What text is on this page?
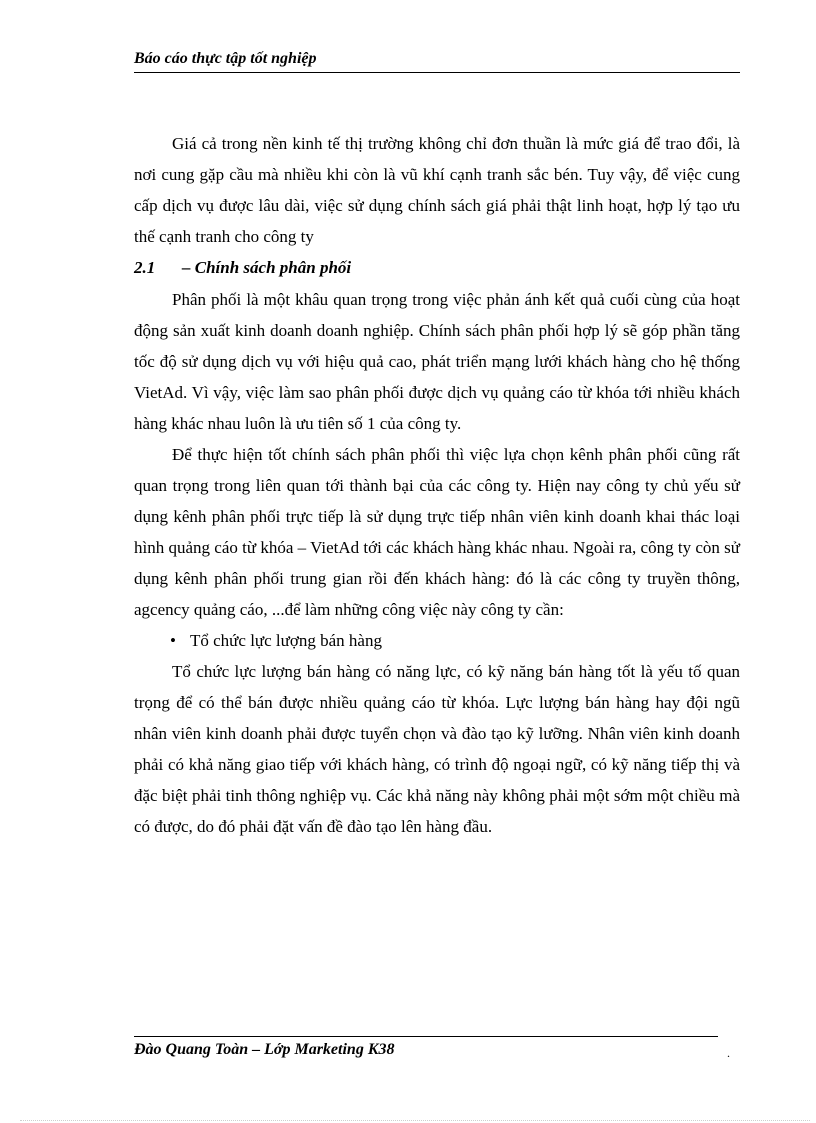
Báo cáo thực tập tốt nghiệp

Giá cả trong nền kinh tế thị trường không chỉ đơn thuần là mức giá để trao đổi, là nơi cung gặp cầu mà nhiều khi còn là vũ khí cạnh tranh sắc bén. Tuy vậy, để việc cung cấp dịch vụ được lâu dài, việc sử dụng chính sách giá phải thật linh hoạt, hợp lý tạo ưu thế cạnh tranh cho công ty

2.1 – Chính sách phân phối

Phân phối là một khâu quan trọng trong việc phản ánh kết quả cuối cùng của hoạt động sản xuất kinh doanh doanh nghiệp. Chính sách phân phối hợp lý sẽ góp phần tăng tốc độ sử dụng dịch vụ với hiệu quả cao, phát triển mạng lưới khách hàng cho hệ thống VietAd. Vì vậy, việc làm sao phân phối được dịch vụ quảng cáo từ khóa tới nhiều khách hàng khác nhau luôn là ưu tiên số 1 của công ty.

Để thực hiện tốt chính sách phân phối thì việc lựa chọn kênh phân phối cũng rất quan trọng trong liên quan tới thành bại của các công ty. Hiện nay công ty chủ yếu sử dụng kênh phân phối trực tiếp là sử dụng trực tiếp nhân viên kinh doanh khai thác loại hình quảng cáo từ khóa – VietAd tới các khách hàng khác nhau. Ngoài ra, công ty còn sử dụng kênh phân phối trung gian rồi đến khách hàng: đó là các công ty truyền thông, agcency quảng cáo, ...để làm những công việc này công ty cần:

• Tổ chức lực lượng bán hàng

Tổ chức lực lượng bán hàng có năng lực, có kỹ năng bán hàng tốt là yếu tố quan trọng để có thể bán được nhiều quảng cáo từ khóa. Lực lượng bán hàng hay đội ngũ nhân viên kinh doanh phải được tuyển chọn và đào tạo kỹ lưỡng. Nhân viên kinh doanh phải có khả năng giao tiếp với khách hàng, có trình độ ngoại ngữ, có kỹ năng tiếp thị và đặc biệt phải tinh thông nghiệp vụ. Các khả năng này không phải một sớm một chiều mà có được, do đó phải đặt vấn đề đào tạo lên hàng đầu.

Đào Quang Toàn – Lớp Marketing K38	.
